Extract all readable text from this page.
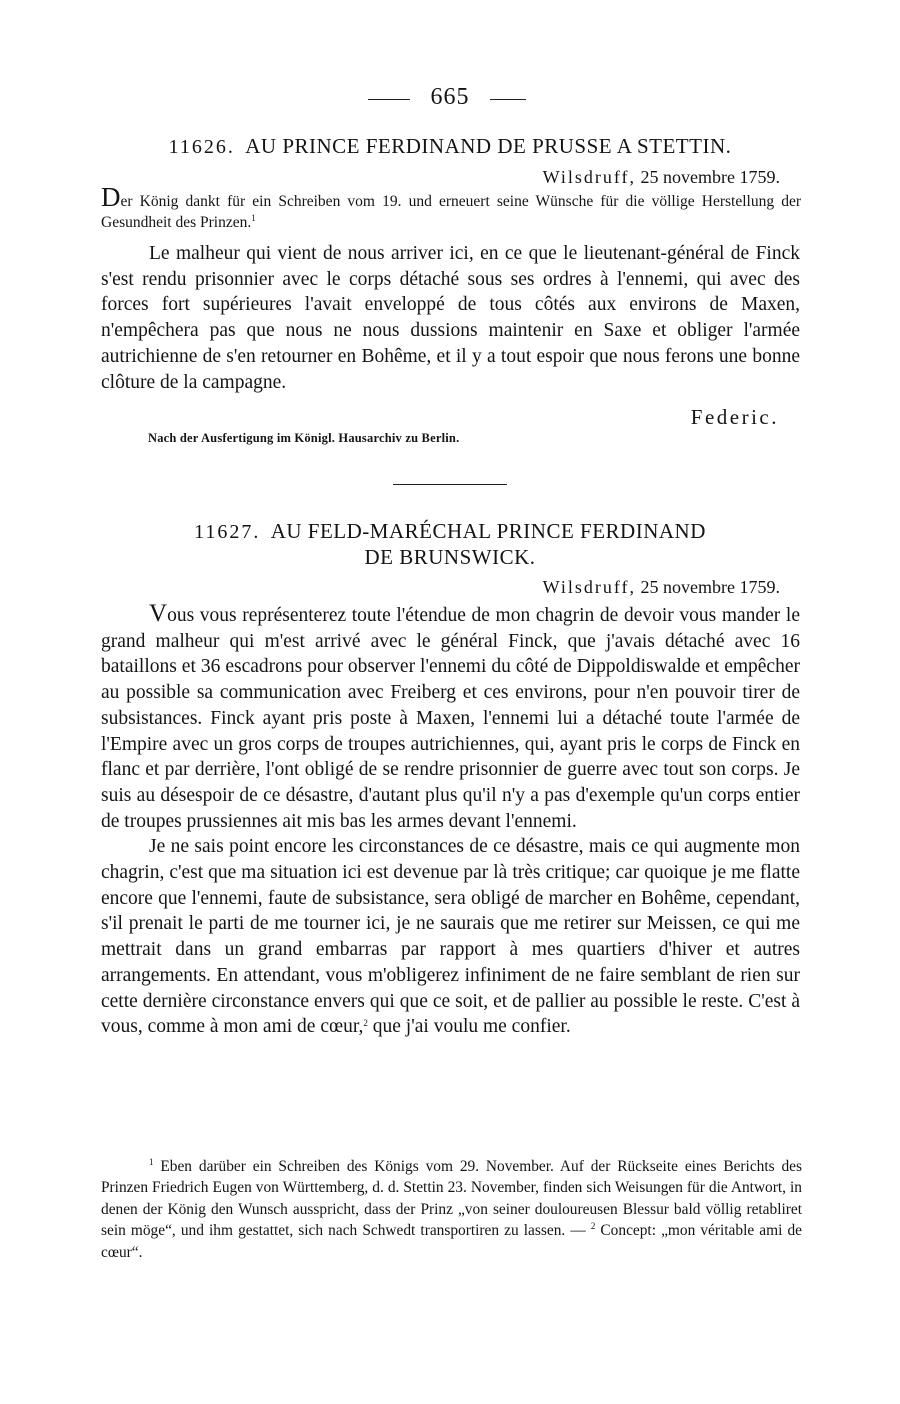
665
11626. AU PRINCE FERDINAND DE PRUSSE A STETTIN.
Wilsdruff, 25 novembre 1759.
Der König dankt für ein Schreiben vom 19. und erneuert seine Wünsche für die völlige Herstellung der Gesundheit des Prinzen.$^1$

Le malheur qui vient de nous arriver ici, en ce que le lieutenant-général de Finck s'est rendu prisonnier avec le corps détaché sous ses ordres à l'ennemi, qui avec des forces fort supérieures l'avait enveloppé de tous côtés aux environs de Maxen, n'empêchera pas que nous ne nous dussions maintenir en Saxe et obliger l'armée autrichienne de s'en retourner en Bohême, et il y a tout espoir que nous ferons une bonne clôture de la campagne.

Federic.
Nach der Ausfertigung im Königl. Hausarchiv zu Berlin.
11627. AU FELD-MARÉCHAL PRINCE FERDINAND
DE BRUNSWICK.
Wilsdruff, 25 novembre 1759.

Vous vous représenterez toute l'étendue de mon chagrin de devoir vous mander le grand malheur qui m'est arrivé avec le général Finck, que j'avais détaché avec 16 bataillons et 36 escadrons pour observer l'ennemi du côté de Dippoldiswalde et empêcher au possible sa communication avec Freiberg et ces environs, pour n'en pouvoir tirer de subsistances. Finck ayant pris poste à Maxen, l'ennemi lui a détaché toute l'armée de l'Empire avec un gros corps de troupes autrichiennes, qui, ayant pris le corps de Finck en flanc et par derrière, l'ont obligé de se rendre prisonnier de guerre avec tout son corps. Je suis au désespoir de ce désastre, d'autant plus qu'il n'y a pas d'exemple qu'un corps entier de troupes prussiennes ait mis bas les armes devant l'ennemi.

Je ne sais point encore les circonstances de ce désastre, mais ce qui augmente mon chagrin, c'est que ma situation ici est devenue par là très critique; car quoique je me flatte encore que l'ennemi, faute de subsistance, sera obligé de marcher en Bohême, cependant, s'il prenait le parti de me tourner ici, je ne saurais que me retirer sur Meissen, ce qui me mettrait dans un grand embarras par rapport à mes quartiers d'hiver et autres arrangements. En attendant, vous m'obligerez infiniment de ne faire semblant de rien sur cette dernière circonstance envers qui que ce soit, et de pallier au possible le reste. C'est à vous, comme à mon ami de cœur,$^2$ que j'ai voulu me confier.

$^1$ Eben darüber ein Schreiben des Königs vom 29. November. Auf der Rückseite eines Berichts des Prinzen Friedrich Eugen von Württemberg, d. d. Stettin 23. November, finden sich Weisungen für die Antwort, in denen der König den Wunsch ausspricht, dass der Prinz „von seiner douloureusen Blessur bald völlig retabliret sein möge“, und ihm gestattet, sich nach Schwedt transportiren zu lassen. — $^2$ Concept: „mon véritable ami de cœur“.
